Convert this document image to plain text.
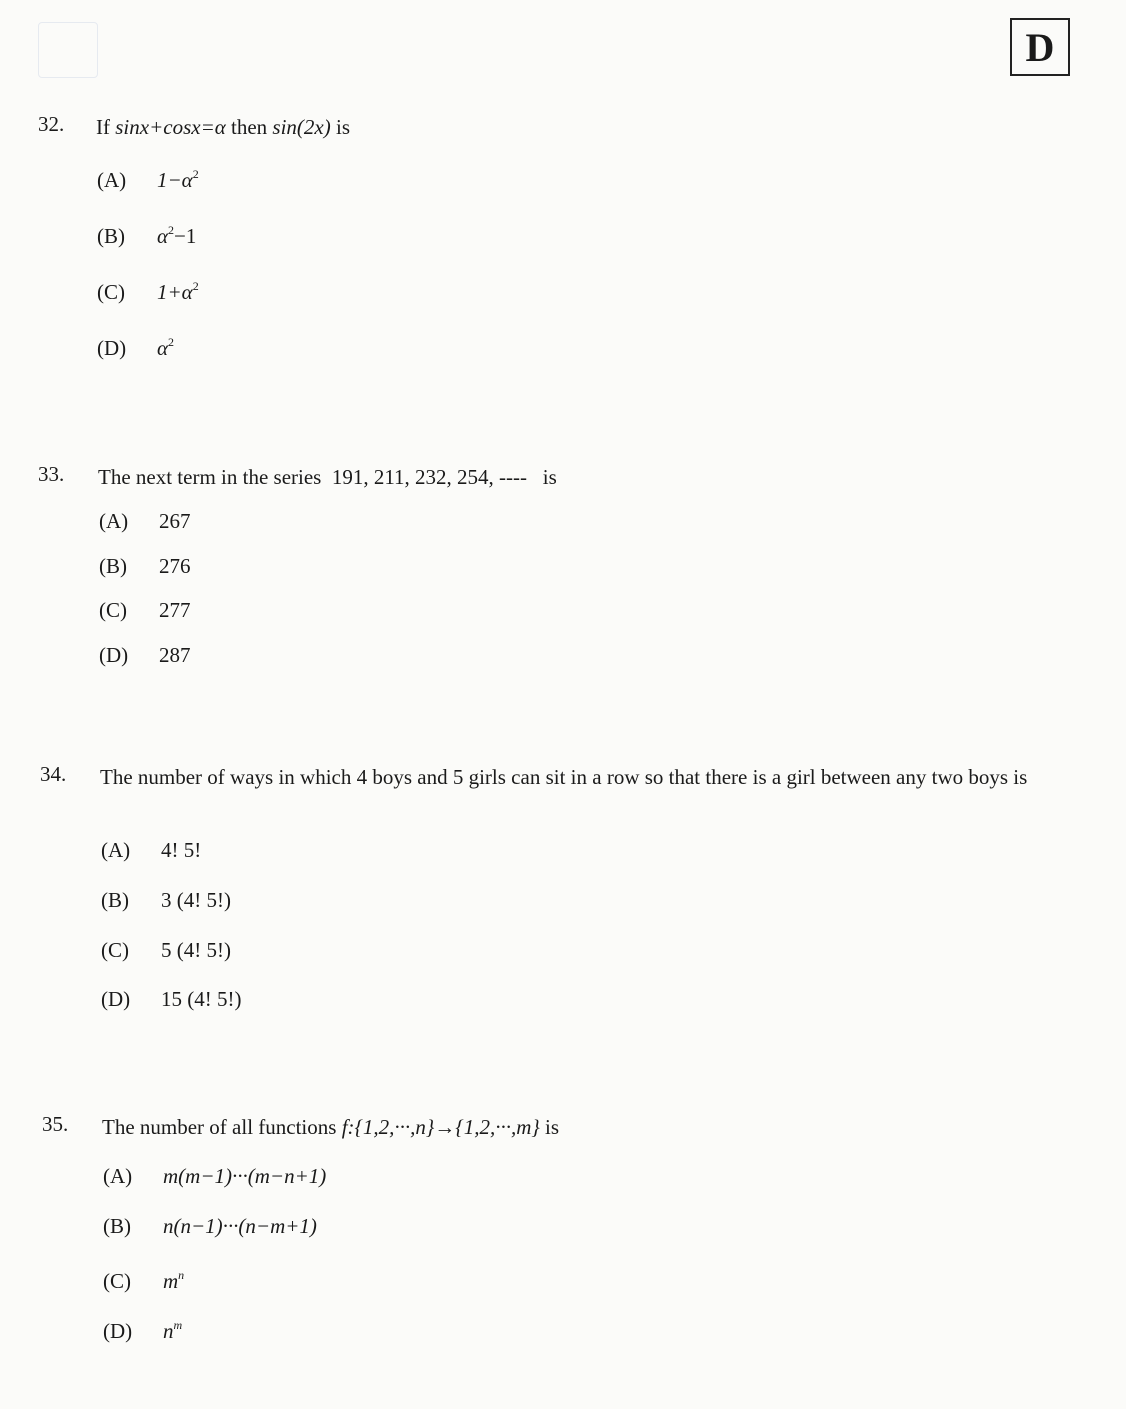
D
32. If sinx+cosx=α then sin(2x) is
(A) $1-\alpha^2$
(B) $\alpha^2-1$
(C) $1+\alpha^2$
(D) $\alpha^2$
33. The next term in the series  191, 211, 232, 254, ----   is
(A) 267
(B) 276
(C) 277
(D) 287
34. The number of ways in which 4 boys and 5 girls can sit in a row so that there is a girl between any two boys is
(A) 4! 5!
(B) 3 (4! 5!)
(C) 5 (4! 5!)
(D) 15 (4! 5!)
35. The number of all functions f:{1,2,···,n}→{1,2,···,m} is
(A) m(m−1)···(m−n+1)
(B) n(n−1)···(n−m+1)
(C) $m^n$
(D) $n^m$
